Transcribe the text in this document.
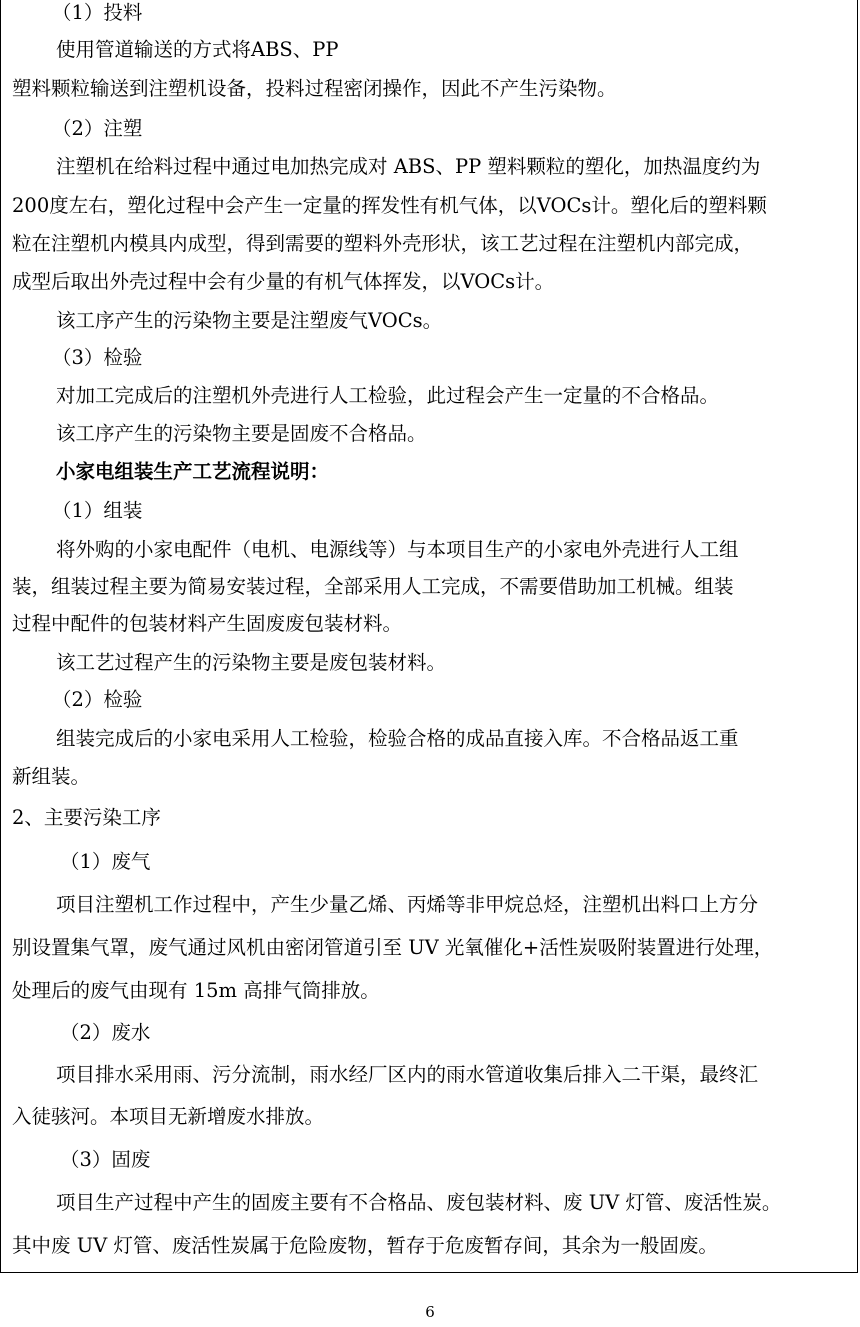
（1）投料
使用管道输送的方式将ABS、PP
塑料颗粒输送到注塑机设备，投料过程密闭操作，因此不产生污染物。
（2）注塑
注塑机在给料过程中通过电加热完成对 ABS、PP 塑料颗粒的塑化，加热温度约为
200度左右，塑化过程中会产生一定量的挥发性有机气体，以VOCs计。塑化后的塑料颗
粒在注塑机内模具内成型，得到需要的塑料外壳形状，该工艺过程在注塑机内部完成，
成型后取出外壳过程中会有少量的有机气体挥发，以VOCs计。
该工序产生的污染物主要是注塑废气VOCs。
（3）检验
对加工完成后的注塑机外壳进行人工检验，此过程会产生一定量的不合格品。
该工序产生的污染物主要是固废不合格品。
小家电组装生产工艺流程说明：
（1）组装
将外购的小家电配件（电机、电源线等）与本项目生产的小家电外壳进行人工组
装，组装过程主要为简易安装过程，全部采用人工完成，不需要借助加工机械。组装
过程中配件的包装材料产生固废废包装材料。
该工艺过程产生的污染物主要是废包装材料。
（2）检验
组装完成后的小家电采用人工检验，检验合格的成品直接入库。不合格品返工重
新组装。
2、主要污染工序
（1）废气
项目注塑机工作过程中，产生少量乙烯、丙烯等非甲烷总烃，注塑机出料口上方分
别设置集气罩，废气通过风机由密闭管道引至 UV 光氧催化+活性炭吸附装置进行处理，
处理后的废气由现有 15m 高排气筒排放。
（2）废水
项目排水采用雨、污分流制，雨水经厂区内的雨水管道收集后排入二干渠，最终汇
入徒骇河。本项目无新增废水排放。
（3）固废
项目生产过程中产生的固废主要有不合格品、废包装材料、废 UV 灯管、废活性炭。
其中废 UV 灯管、废活性炭属于危险废物，暂存于危废暂存间，其余为一般固废。
6
